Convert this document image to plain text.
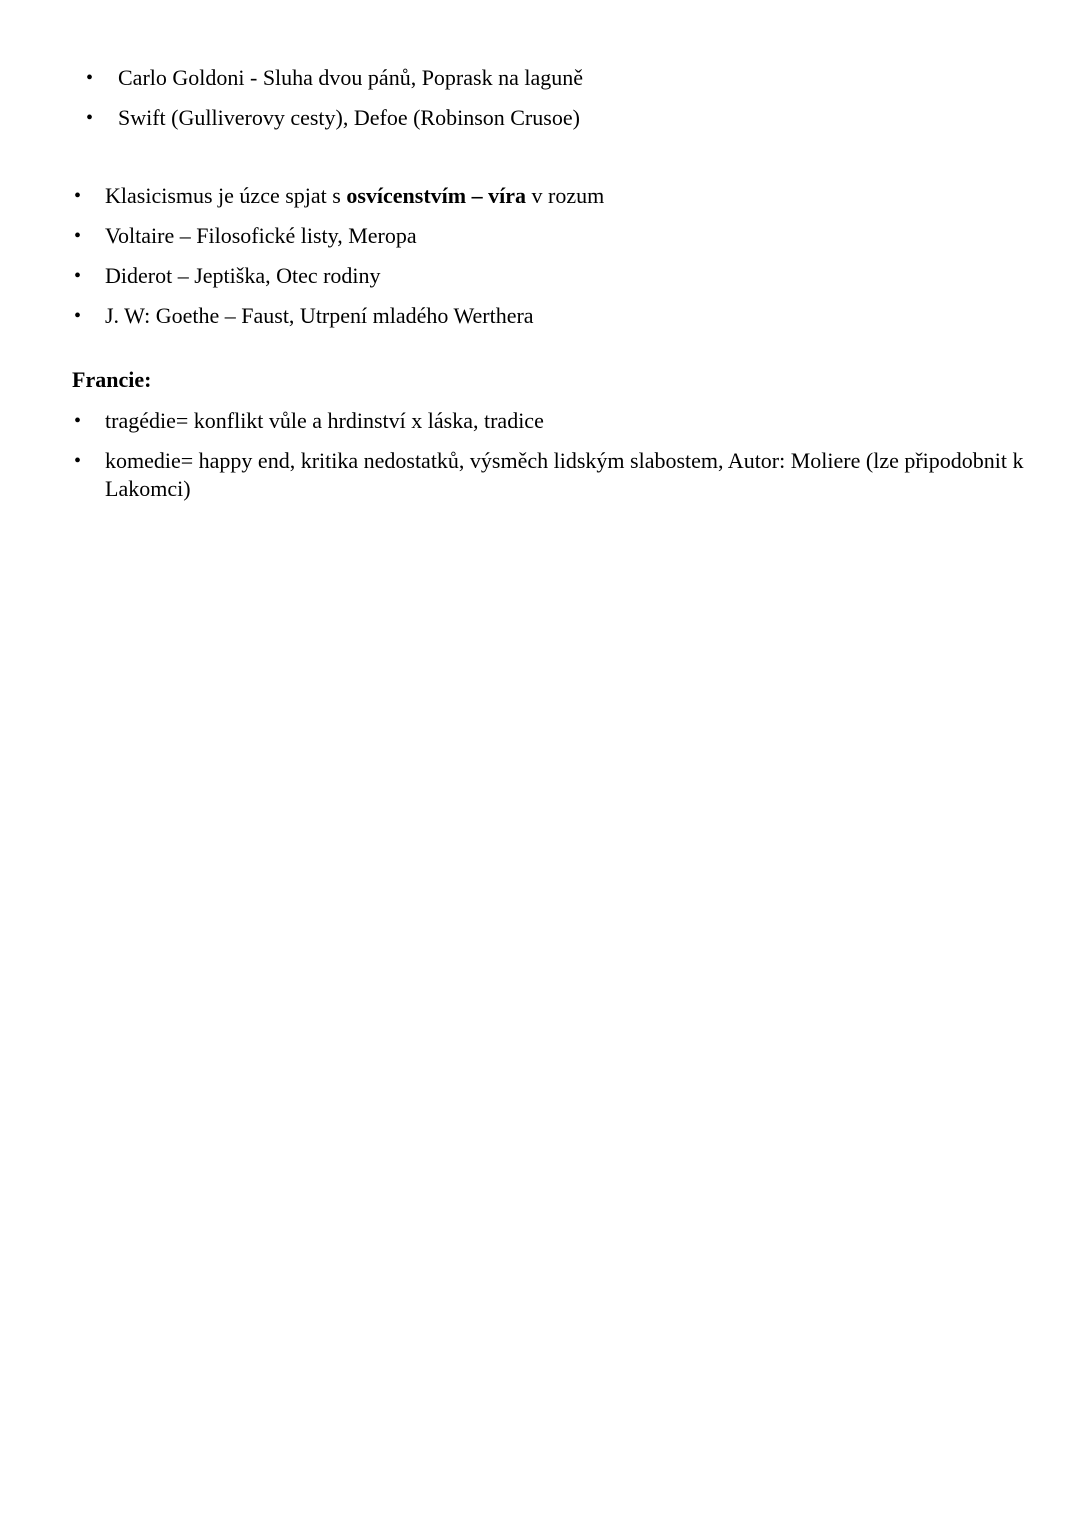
•	Carlo Goldoni - Sluha dvou pánů, Poprask na laguně
•	Swift (Gulliverovy cesty), Defoe (Robinson Crusoe)
•	Klasicismus je úzce spjat s osvícenstvím – víra v rozum
•	Voltaire – Filosofické listy, Meropa
•	Diderot – Jeptiška, Otec rodiny
•	J. W: Goethe – Faust, Utrpení mladého Werthera
Francie:
•	tragédie= konflikt vůle a hrdinství x láska, tradice
•	komedie= happy end, kritika nedostatků, výsměch lidským slabostem, Autor: Moliere (lze připodobnit k Lakomci)
